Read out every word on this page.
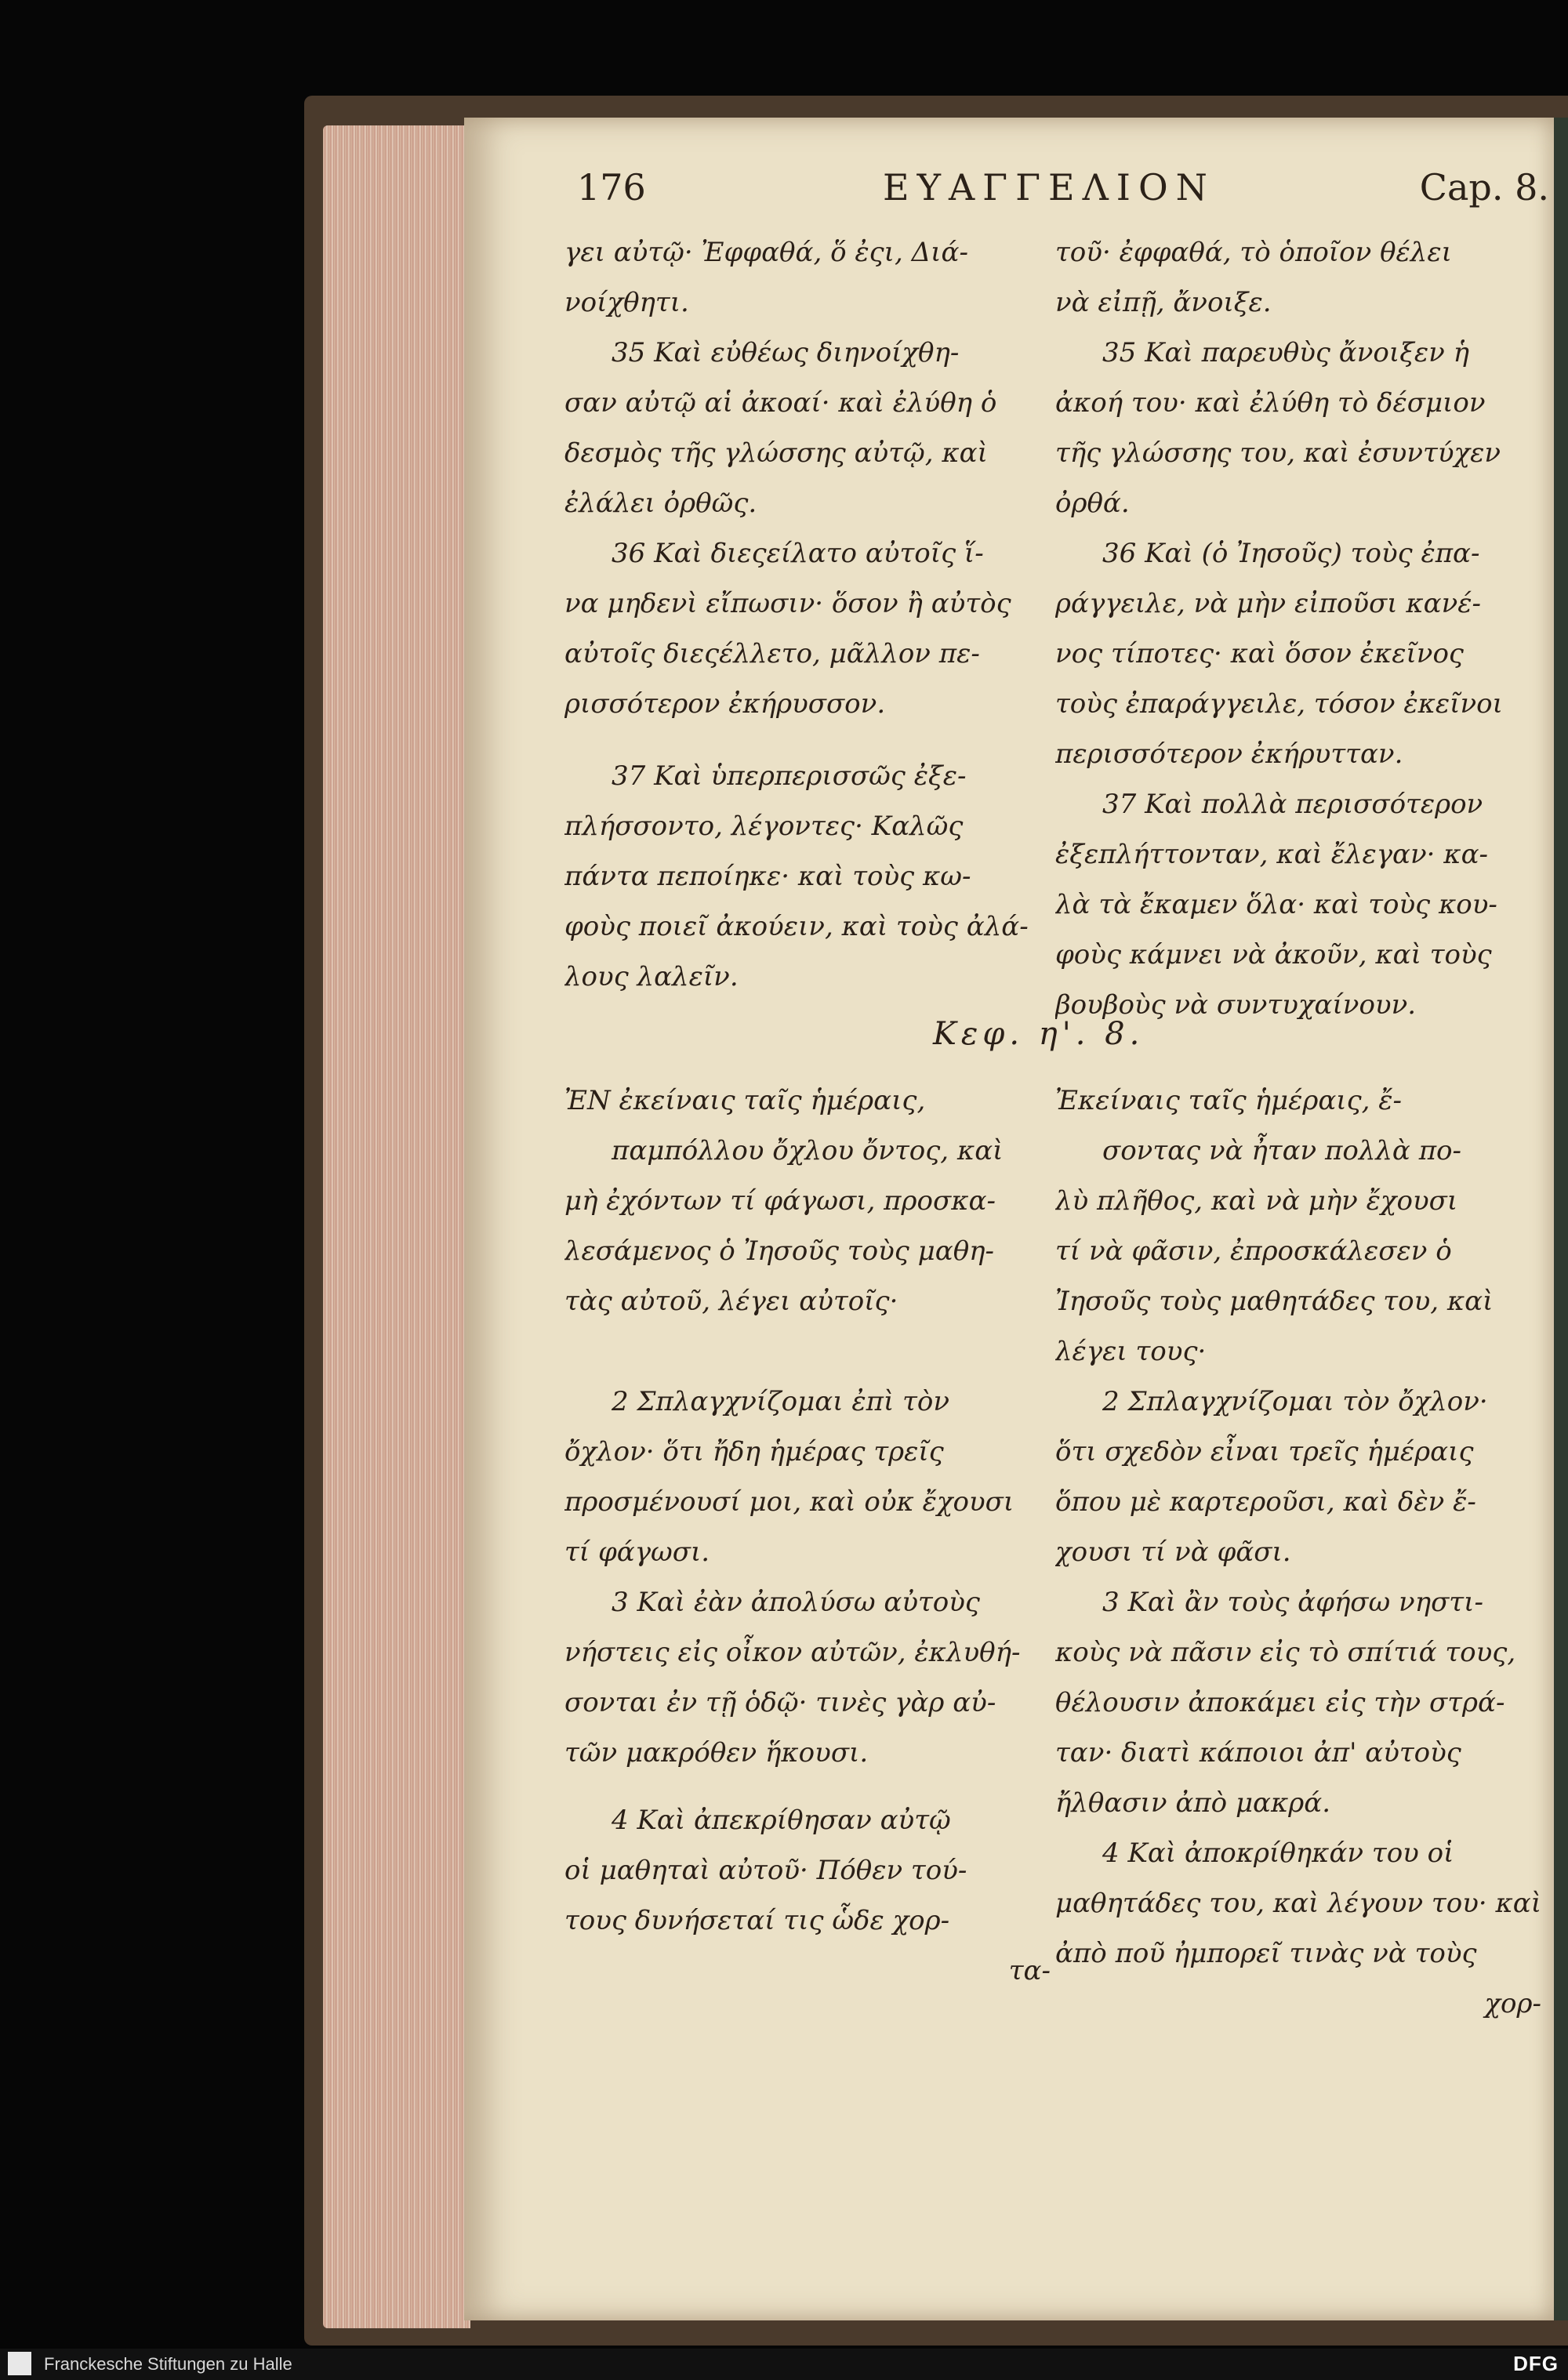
176	ΕΥΑΓΓΕΛΙΟΝ	Cap. 8.
γει αὐτῷ· Ἐφφαθά, ὅ ἐςι, Διά-
νοίχθητι.
35 Καὶ εὐθέως διηνοίχθη-
σαν αὐτῷ αἱ ἀκοαί· καὶ ἐλύθη ὁ
δεσμὸς τῆς γλώσσης αὐτῷ, καὶ
ἐλάλει ὀρθῶς.
36 Καὶ διεςείλατο αὐτοῖς ἵ-
να μηδενὶ εἴπωσιν· ὅσον ἢ αὐτὸς
αὐτοῖς διεςέλλετο, μᾶλλον πε-
ρισσότερον ἐκήρυσσον.
37 Καὶ ὑπερπερισσῶς ἐξε-
πλήσσοντο, λέγοντες· Καλῶς
πάντα πεποίηκε· καὶ τοὺς κω-
φοὺς ποιεῖ ἀκούειν, καὶ τοὺς ἀλά-
λους λαλεῖν.
ἘΝ ἐκείναις ταῖς ἡμέραις,
παμπόλλου ὄχλου ὄντος, καὶ
μὴ ἐχόντων τί φάγωσι, προσκα-
λεσάμενος ὁ Ἰησοῦς τοὺς μαθη-
τὰς αὐτοῦ, λέγει αὐτοῖς·
2 Σπλαγχνίζομαι ἐπὶ τὸν
ὄχλον· ὅτι ἤδη ἡμέρας τρεῖς
προσμένουσί μοι, καὶ οὐκ ἔχουσι
τί φάγωσι.
3 Καὶ ἐὰν ἀπολύσω αὐτοὺς
νήστεις εἰς οἶκον αὐτῶν, ἐκλυθή-
σονται ἐν τῇ ὁδῷ· τινὲς γὰρ αὐ-
τῶν μακρόθεν ἥκουσι.
4 Καὶ ἀπεκρίθησαν αὐτῷ
οἱ μαθηταὶ αὐτοῦ· Πόθεν τού-
τους δυνήσεταί τις ὧδε χορ-
τα-
Κεφ. η'. 8.
τοῦ· ἐφφαθά, τὸ ὁποῖον θέλει
νὰ εἰπῇ, ἄνοιξε.
35 Καὶ παρευθὺς ἄνοιξεν ἡ
ἀκοή του· καὶ ἐλύθη τὸ δέσμιον
τῆς γλώσσης του, καὶ ἐσυντύχεν
ὀρθά.
36 Καὶ (ὁ Ἰησοῦς) τοὺς ἐπα-
ράγγειλε, νὰ μὴν εἰποῦσι κανέ-
νος τίποτες· καὶ ὅσον ἐκεῖνος
τοὺς ἐπαράγγειλε, τόσον ἐκεῖνοι
περισσότερον ἐκήρυτταν.
37 Καὶ πολλὰ περισσότερον
ἐξεπλήττονταν, καὶ ἔλεγαν· κα-
λὰ τὰ ἔκαμεν ὅλα· καὶ τοὺς κου-
φοὺς κάμνει νὰ ἀκοῦν, καὶ τοὺς
βουβοὺς νὰ συντυχαίνουν.
Ἐκείναις ταῖς ἡμέραις, ἔ-
σοντας νὰ ἦταν πολλὰ πο-
λὺ πλῆθος, καὶ νὰ μὴν ἔχουσι
τί νὰ φᾶσιν, ἐπροσκάλεσεν ὁ
Ἰησοῦς τοὺς μαθητάδες του, καὶ
λέγει τους·
2 Σπλαγχνίζομαι τὸν ὄχλον·
ὅτι σχεδὸν εἶναι τρεῖς ἡμέραις
ὅπου μὲ καρτεροῦσι, καὶ δὲν ἔ-
χουσι τί νὰ φᾶσι.
3 Καὶ ἂν τοὺς ἀφήσω νηστι-
κοὺς νὰ πᾶσιν εἰς τὸ σπίτιά τους,
θέλουσιν ἀποκάμει εἰς τὴν στρά-
ταν· διατὶ κάποιοι ἀπ' αὐτοὺς
ἤλθασιν ἀπὸ μακρά.
4 Καὶ ἀποκρίθηκάν του οἱ
μαθητάδες του, καὶ λέγουν του· καὶ
ἀπὸ ποῦ ἠμπορεῖ τινὰς νὰ τοὺς
χορ-
Franckesche Stiftungen zu Halle	DFG
